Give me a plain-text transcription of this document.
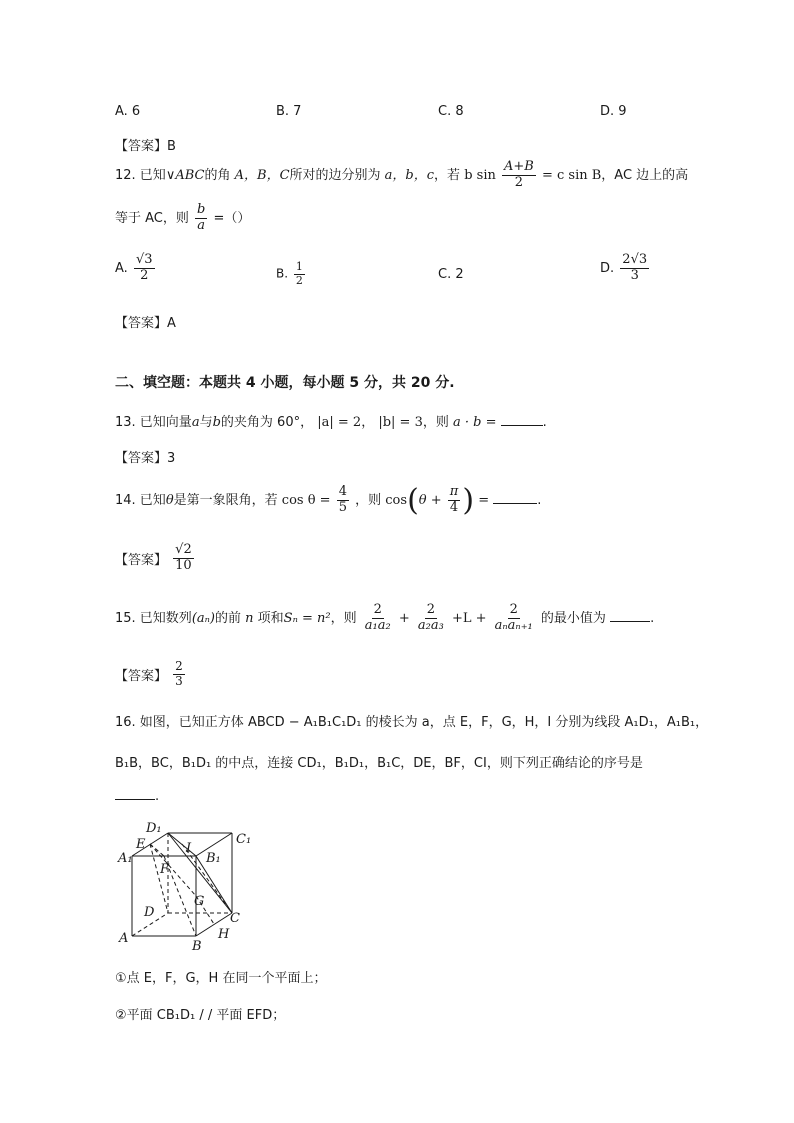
A. 6	B. 7	C. 8	D. 9
【答案】B
12. 已知∨ABC的角 A，B，C所对的边分别为 a，b，c，若 b $\sin \frac{A+B}{2} = c$ sin B，AC 边上的高
等于 AC，则 $\frac{b}{a}$ =（）
A. $\frac{√3}{2}$	B. $\frac{1}{2}$	C. 2	D. $\frac{2√3}{3}$
【答案】A
二、填空题：本题共 4 小题，每小题 5 分，共 20 分.
13. 已知向量a与b的夹角为 60°， |a| = 2， |b| = 3，则 a · b =	.
【答案】3
14. 已知θ是第一象限角，若 $\cos \theta = \frac{4}{5}$ ，则 $\cos(\theta + \frac{\pi}{4}$ ) =	.
【答案】 $\frac{√2}{10}$
15. 已知数列(aₙ)的前 n 项和Sₙ = n²，则 $\frac{2}{\text{a₁a₂}} + \frac{2}{\text{a₂a₃}} +L + \frac{2}{\text{aₙaₙ₊₁}}$ 的最小值为	.
【答案】 $\frac{2}{3}$
16. 如图，已知正方体 ABCD − A₁B₁C₁D₁ 的棱长为 a，点 E，F，G，H，I 分别为线段 A₁D₁，A₁B₁，
B₁B，BC，B₁D₁ 的中点，连接 CD₁，B₁D₁，B₁C，DE，BF，CI，则下列正确结论的序号是
.
D₁
C₁
E	I
A₁	B₁
F
G
D	C
H
A
B
①点 E，F，G，H 在同一个平面上；
②平面 CB₁D₁ / / 平面 EFD；
